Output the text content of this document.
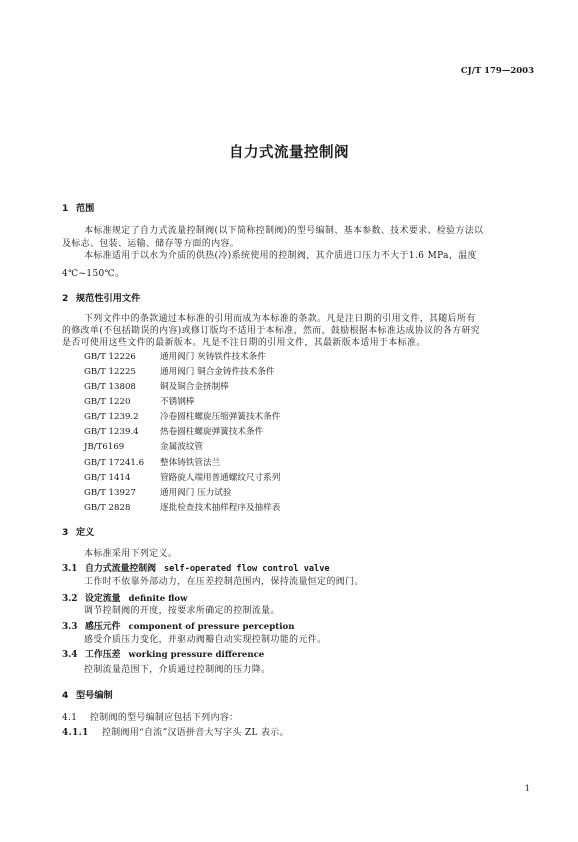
CJ/T 179—2003
自力式流量控制阀
1 范围
本标准规定了自力式流量控制阀(以下简称控制阀)的型号编制、基本参数、技术要求、检验方法以
及标志、包装、运输、储存等方面的内容。
本标准适用于以水为介质的供热(冷)系统使用的控制阀，其介质进口压力不大于1.6 MPa，温度
4℃~150℃。
2 规范性引用文件
下列文件中的条款通过本标准的引用而成为本标准的条款。凡是注日期的引用文件，其随后所有
的修改单(不包括勘误的内容)或修订版均不适用于本标准，然而，鼓励根据本标准达成协议的各方研究
是否可使用这些文件的最新版本。凡是不注日期的引用文件，其最新版本适用于本标准。
GB/T 12226	通用阀门 灰铸铁件技术条件
GB/T 12225	通用阀门 铜合金铸件技术条件
GB/T 13808	铜及铜合金挤制棒
GB/T 1220	不锈钢棒
GB/T 1239.2 冷卷圆柱螺旋压缩弹簧技术条件
GB/T 1239.4 热卷圆柱螺旋弹簧技术条件
JB/T6169	金属波纹管
GB/T 17241.6 整体铸铁管法兰
GB/T 1414	管路旋人端用普通螺纹尺寸系列
GB/T 13927	通用阀门 压力试验
GB/T 2828	逐批检查技术抽样程序及抽样表
3 定义
本标准采用下列定义。
3.1 自力式流量控制阀 self-operated flow control valve
工作时不依靠外部动力，在压差控制范围内，保持流量恒定的阀门。
3.2 设定流量 definite flow
调节控制阀的开度，按要求所确定的控制流量。
3.3 感压元件 component of pressure perception
感受介质压力变化，并驱动阀瓣自动实现控制功能的元件。
3.4 工作压差 working pressure difference
控制流量范围下，介质通过控制阀的压力降。
4 型号编制
4.1 控制阀的型号编制应包括下列内容：
4.1.1 控制阀用“自流”汉语拼音大写字头 ZL 表示。
1
